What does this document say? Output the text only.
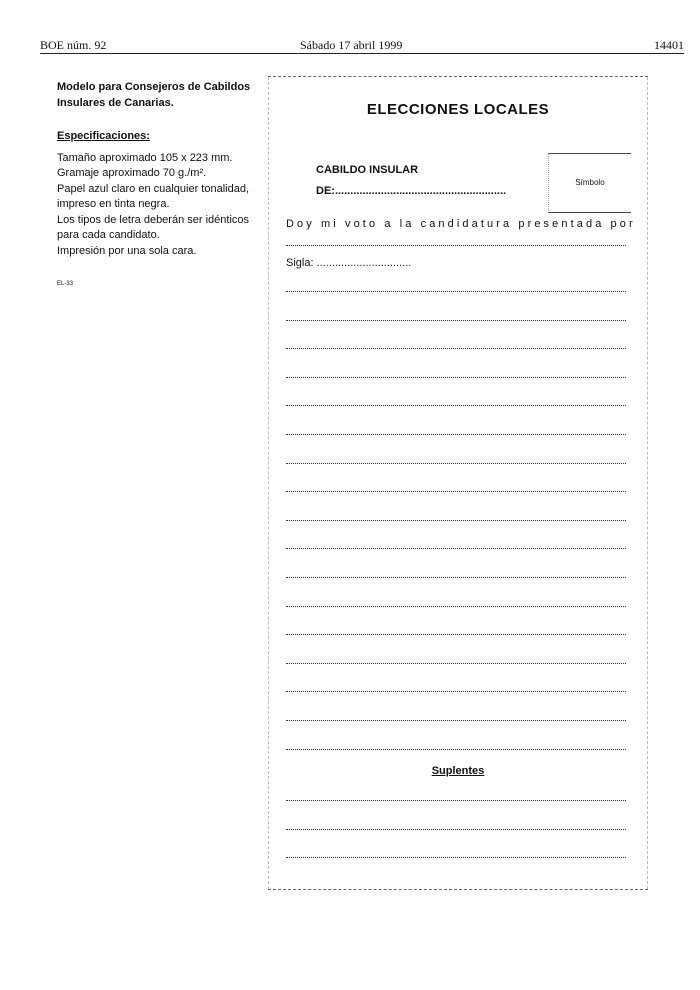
BOE núm. 92	Sábado 17 abril 1999	14401

Modelo para Consejeros de Cabildos Insulares de Canarias.

Especificaciones:
Tamaño aproximado 105 x 223 mm.
Gramaje aproximado 70 g./m².
Papel azul claro en cualquier tonalidad, impreso en tinta negra.
Los tipos de letra deberán ser idénticos para cada candidato.
Impresión por una sola cara.
EL-33
ELECCIONES LOCALES
CABILDO INSULAR
DE:........................................................
Símbolo
Doy mi voto a la candidatura presentada por
Sigla: ...............................
Suplentes
